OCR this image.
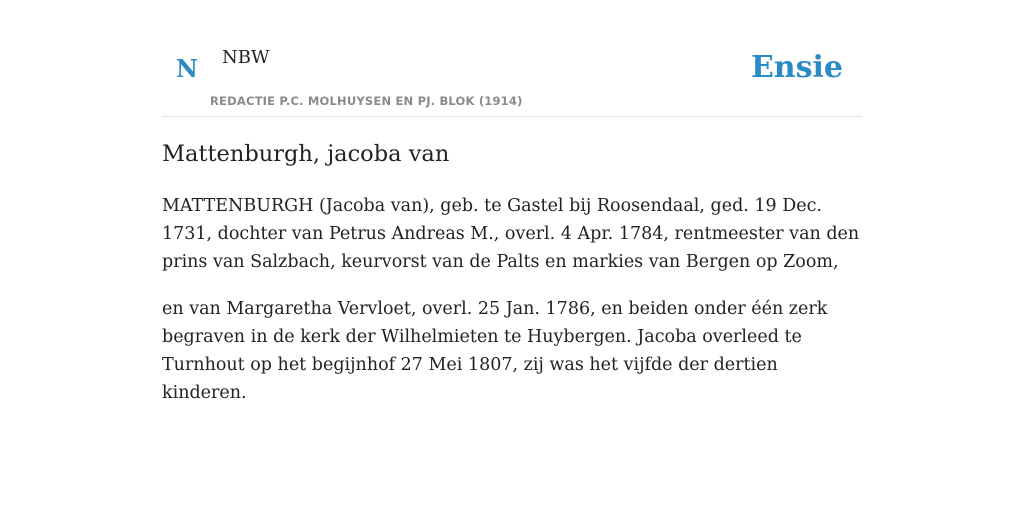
N NBW
REDACTIE P.C. MOLHUYSEN EN PJ. BLOK (1914)
Ensie
Mattenburgh, jacoba van

MATTENBURGH (Jacoba van), geb. te Gastel bij Roosendaal, ged. 19 Dec. 1731, dochter van Petrus Andreas M., overl. 4 Apr. 1784, rentmeester van den prins van Salzbach, keurvorst van de Palts en markies van Bergen op Zoom,

en van Margaretha Vervloet, overl. 25 Jan. 1786, en beiden onder één zerk begraven in de kerk der Wilhelmieten te Huybergen. Jacoba overleed te Turnhout op het begijnhof 27 Mei 1807, zij was het vijfde der dertien kinderen.
